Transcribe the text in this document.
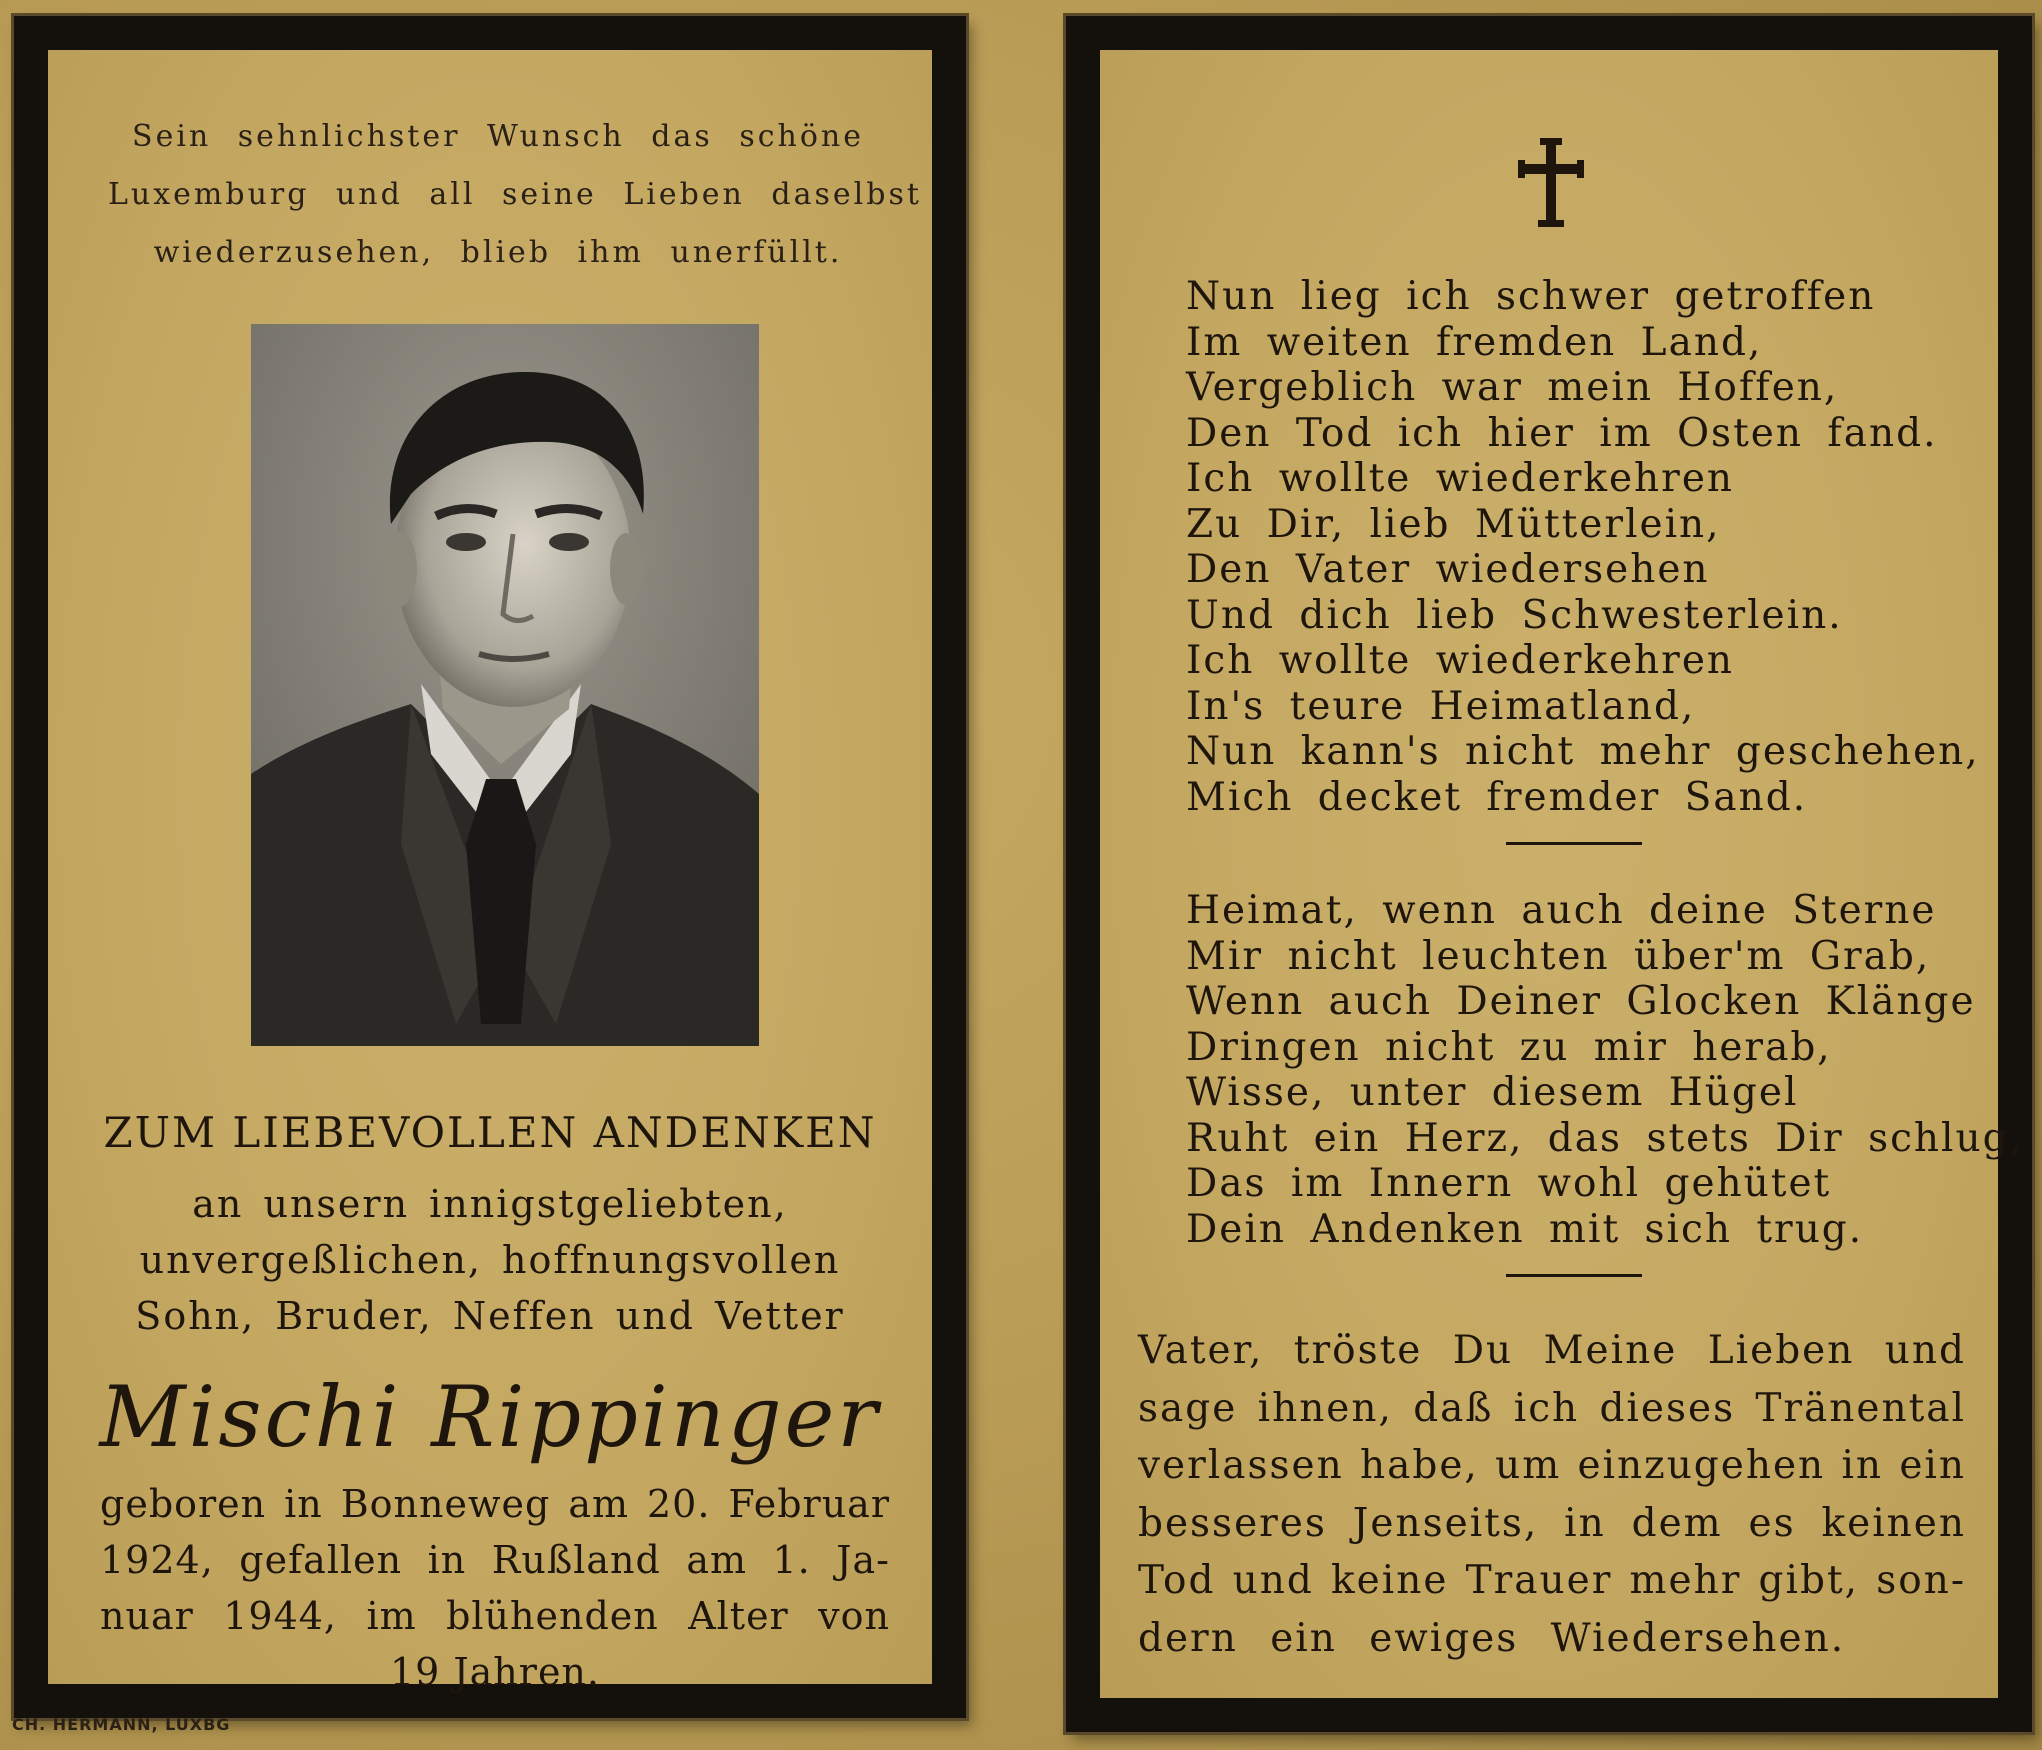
Sein sehnlichster Wunsch das schöne
Luxemburg und all seine Lieben daselbst
wiederzusehen, blieb ihm unerfüllt.
ZUM LIEBEVOLLEN ANDENKEN
an unsern innigstgeliebten,
unvergeßlichen, hoffnungsvollen
Sohn, Bruder, Neffen und Vetter
Mischi Rippinger
geboren in Bonneweg am 20. Februar
1924, gefallen in Rußland am 1. Ja-
nuar 1944, im blühenden Alter von
19 Jahren.
CH. HERMANN, LUXBG
Nun lieg ich schwer getroffen
Im weiten fremden Land,
Vergeblich war mein Hoffen,
Den Tod ich hier im Osten fand.
Ich wollte wiederkehren
Zu Dir, lieb Mütterlein,
Den Vater wiedersehen
Und dich lieb Schwesterlein.
Ich wollte wiederkehren
In's teure Heimatland,
Nun kann's nicht mehr geschehen,
Mich decket fremder Sand.
Heimat, wenn auch deine Sterne
Mir nicht leuchten über'm Grab,
Wenn auch Deiner Glocken Klänge
Dringen nicht zu mir herab,
Wisse, unter diesem Hügel
Ruht ein Herz, das stets Dir schlug,
Das im Innern wohl gehütet
Dein Andenken mit sich trug.
Vater, tröste Du Meine Lieben und
sage ihnen, daß ich dieses Tränental
verlassen habe, um einzugehen in ein
besseres Jenseits, in dem es keinen
Tod und keine Trauer mehr gibt, son-
dern ein ewiges Wiedersehen.
